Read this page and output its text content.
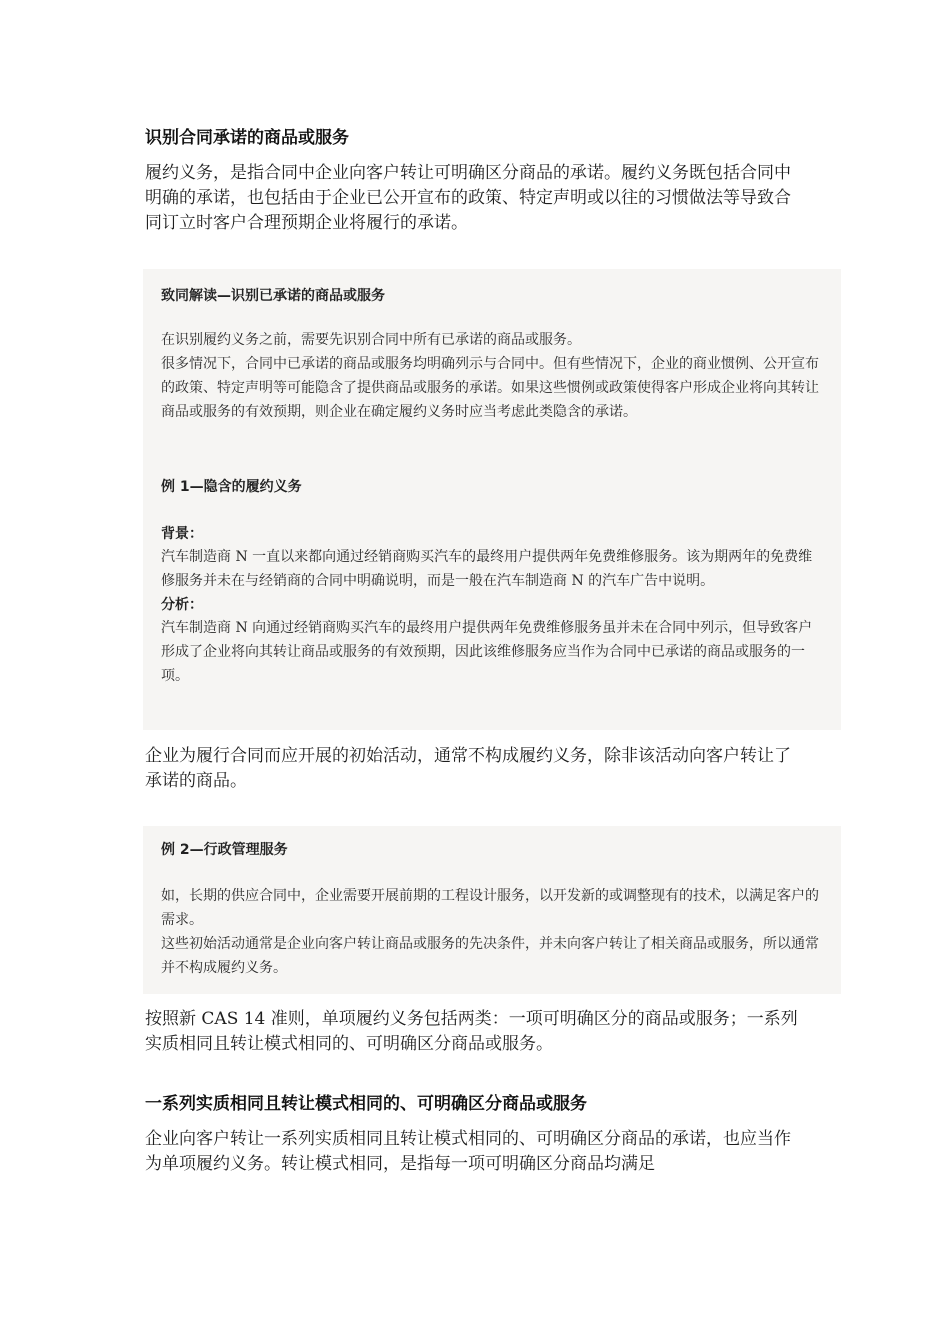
识别合同承诺的商品或服务

履约义务，是指合同中企业向客户转让可明确区分商品的承诺。履约义务既包括合同中明确的承诺，也包括由于企业已公开宣布的政策、特定声明或以往的习惯做法等导致合同订立时客户合理预期企业将履行的承诺。

致同解读—识别已承诺的商品或服务

在识别履约义务之前，需要先识别合同中所有已承诺的商品或服务。

很多情况下，合同中已承诺的商品或服务均明确列示与合同中。但有些情况下，企业的商业惯例、公开宣布的政策、特定声明等可能隐含了提供商品或服务的承诺。如果这些惯例或政策使得客户形成企业将向其转让商品或服务的有效预期，则企业在确定履约义务时应当考虑此类隐含的承诺。

例 1—隐含的履约义务

背景：

汽车制造商 N 一直以来都向通过经销商购买汽车的最终用户提供两年免费维修服务。该为期两年的免费维修服务并未在与经销商的合同中明确说明，而是一般在汽车制造商 N 的汽车广告中说明。

分析：

汽车制造商 N 向通过经销商购买汽车的最终用户提供两年免费维修服务虽并未在合同中列示，但导致客户形成了企业将向其转让商品或服务的有效预期，因此该维修服务应当作为合同中已承诺的商品或服务的一项。

企业为履行合同而应开展的初始活动，通常不构成履约义务，除非该活动向客户转让了承诺的商品。

例 2—行政管理服务

如，长期的供应合同中，企业需要开展前期的工程设计服务，以开发新的或调整现有的技术，以满足客户的需求。

这些初始活动通常是企业向客户转让商品或服务的先决条件，并未向客户转让了相关商品或服务，所以通常并不构成履约义务。

按照新 CAS 14 准则，单项履约义务包括两类：一项可明确区分的商品或服务；一系列实质相同且转让模式相同的、可明确区分商品或服务。

一系列实质相同且转让模式相同的、可明确区分商品或服务

企业向客户转让一系列实质相同且转让模式相同的、可明确区分商品的承诺，也应当作为单项履约义务。转让模式相同，是指每一项可明确区分商品均满足
